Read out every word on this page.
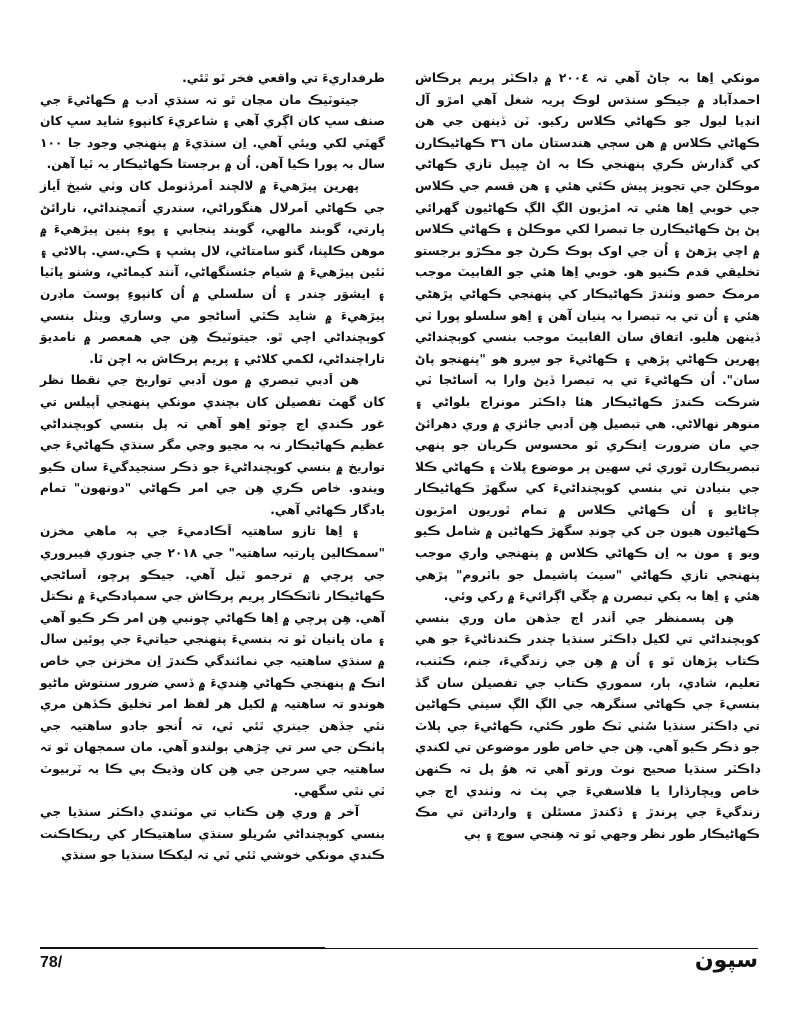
طرفداريءَ تي واقعي فخر ٿو ٿئي.

جيتوٽيڪ مان مڃان ٿو تہ سنڌي اَدب ۾ ڪهاڻيءَ جي صنف سڀ کان اڳري آهي ۽ شاعريءَ کانپوءِ شايد سڀ کان گهٽي لکي ويئي آهي. اِن سنڌيءَ ۾ پنهنجي وجود جا ١٠٠ سال بہ پورا ڪيا آهن. اُن ۾ برجستا ڪهاڻيڪار بہ ٿيا آهن.

پهرين پيڙهيءَ ۾ لالچند اَمرڏنومل کان وٺي شيخ اَياز جي ڪهاڻي اَمرلال هنگوراڻي، سندري اُتمچنداڻي، نارائڻ ڀارتي، گوبند مالهي، گوبند پنجابي ۽ پوءِ ٻنين پيڙهيءَ ۾ موهن ڪلپنا، گنو سامتاڻي، لال پشپ ۽ ڪي.سي. ٻالاڻي ۽ ٽئين پيڙهيءَ ۾ شيام جئسنگهاڻي، آنند کيماڻي، وشنو ڀاٽيا ۽ ايشوَر چندر ۽ اُن سلسلي ۾ اُن کانپوءِ پوسٽ ماڊرن پيڙهيءَ ۾ شايد ڪٿي اَساڻجو مي وساري ويٺل بنسي کوٻچنداڻي اچي ٿو. جيتوٽيڪ هِن جي همعصر ۾ نامديوَ تاراچنداڻي، لکمي کلاڻي ۽ پريم پرڪاش بہ اچن ٿا.

هن اَدبي تبصري ۾ مون اَدبي تواريخ جي نقطا نظر کان گهٽ تفصيلن کان بچندي مونکي پنهنجي اَپيلس تي غور ڪندي اڄ چوٽو اِهو آهي تہ پل بنسي کوٻچنداڻي عظيم ڪهاڻيڪار نہ بہ مڃيو وڃي مگر سنڌي ڪهاڻيءَ جي تواريخ ۾ بنسي کوٻچنداڻيءَ جو ذڪر سنجيدگيءَ سان ڪيو ويندو. خاص ڪري هِن جي امر ڪهاڻي "دونهون" تمام يادگار ڪهاڻي آهي.

۽ اِها تازو ساهتيہ اَڪادميءَ جي ٻہ ماهي مخزن "سمڪالين ڀارتيہ ساهتيہ" جي ٢٠١٨ جي جنوري فيبروري جي پرچي ۾ ترجمو ٿيل آهي. جيڪو پرچو، اَساڻجي ڪهاڻيڪار ناٽڪڪار پريم پرڪاش جي سمپادڪيءَ ۾ نڪتل آهي. هِن پرچي ۾ اِها ڪهاڻي چونبي هِن امر ڪر ڪيو آهي ۽ مان ڀانيان ٿو تہ بنسيءَ پنهنجي حياتيءَ جي پوئين سال ۾ سنڌي ساهتيہ جي نمائندگي ڪندڙ اِن مخزنن جي خاص انڪ ۾ پنهنجي ڪهاڻي هِنديءَ ۾ ڏسي ضرور سنتوش ماڻيو هوندو تہ ساهتيہ ۾ لکيل هر لفظ امر تخليق ڪڏهن مري نٿي جڏهن جينري ٿئي ٿي، تہ اُنجو جادو ساهتيہ جي پاٺڪن جي سر تي چڙهي ٻولندو آهي. مان سمجهان ٿو تہ ساهتيہ جي سرجن جي هِن کان وڌيڪ ٻي ڪا بہ ٽربيوٽ ٿي نٿي سگهي.

آخر ۾ وري هِن ڪتاب تي موٽندي ڊاڪٽر سنڌيا جي بنسي کوٻچنداڻي سُريلو سنڌي ساهتيڪار کي ريڪاڪنت ڪندي مونکي خوشي ٿئي ٿي تہ ليکڪا سنڌيا جو سنڌي

مونکي اِها بہ ڄاڻ آهي تہ ٢٠٠٤ ۾ ڊاڪٽر پريم پرڪاش احمدآباد ۾ جيڪو سنڌس لوڪ پريہ شغل آهي امڙو آل انڊيا ليول جو ڪهاڻي ڪلاس رکيو. ٽن ڏينهن جي هن ڪهاڻي ڪلاس ۾ هن سڄي هندستان مان ٣٦ ڪهاڻيڪارن کي گذارش ڪري پنهنجي ڪا بہ اڻ ڇپيل تازي ڪهاڻي موڪلڻ جي تجويز پيش ڪئي هئي ۽ هن قسم جي ڪلاس جي خوبي اِها هئي تہ امڙيون الڳ الڳ ڪهاڻيون گهرائي پڻ پڻ ڪهاڻيڪارن جا تبصرا لکي موڪلڻ ۽ ڪهاڻي ڪلاس ۾ اچي پڙهڻ ۽ اُن جي اوک ٻوڪ ڪرڻ جو مڪڙو برجستو تخليقي قدم ڪنيو هو. خوبي اِها هئي جو الفابيٽ موجب مرمڪ حصو وٺندڙ ڪهاڻيڪار کي پنهنجي ڪهاڻي پڙهڻي هئي ۽ اُن تي بہ تبصرا بہ پنيان آهن ۽ اِهو سلسلو پورا ٽي ڏينهن هليو. اتفاق سان الفابيٽ موجب بنسي کوٻچنداڻي پهرين ڪهاڻي پڙهي ۽ ڪهاڻيءَ جو سِرو هو "پنهنجو پاڻ سان". اُن ڪهاڻيءَ تي بہ تبصرا ڏيڻ وارا بہ اَساڻجا ٽي شرڪت ڪندڙ ڪهاڻيڪار هئا ڊاڪٽر مونراج بلواڻي ۽ منوهر نهالاڻي. هي تبصيل هِن اَدبي جائزي ۾ وري دهرائڻ جي مان ضرورت اِنڪري ٿو محسوس ڪريان جو پنهي تبصريڪارن ٿوري ئي سهين پر موضوع پلاٽ ۽ ڪهاڻي ڪلا جي بنيادن تي بنسي کوٻچنداڻيءَ کي سگهڙ ڪهاڻيڪار ڄاڻايو ۽ اُن ڪهاڻي ڪلاس ۾ تمام ٿوريون امڙيون ڪهاڻيون هيون جن کي چونڊ سگهڙ ڪهاڻين ۾ شامل ڪيو ويو ۽ مون بہ اِن ڪهاڻي ڪلاس ۾ پنهنجي واري موجب پنهنجي تازي ڪهاڻي "سيٽ پاشيمل جو باٿروم" پڙهي هئي ۽ اِها بہ يکي تبصرن ۾ چڱي اڳرائيءَ ۾ رکي وئي.

هِن پسمنظر جي اَندر اڄ جڏهن مان وري بنسي کوٻچنداڻي تي لکيل ڊاڪٽر سنڌيا چندر ڪندناڻيءَ جو هي ڪتاب پڙهان ٿو ۽ اُن ۾ هِن جي زندگيءَ، جنم، ڪٽنب، تعليم، شادي، ٻار، سموري ڪتاب جي تفصيلن سان گڏ بنسيءَ جي ڪهاڻي سنگرهہ جي الڳ الڳ سيني ڪهاڻين تي ڊاڪٽر سنڌيا سُٺي ٽڪ طور ڪئي، ڪهاڻيءَ جي پلاٽ جو ذڪر ڪيو آهي. هِن جي خاص طور موضوعن تي لکندي ڊاڪٽر سنڌيا صحيح نوٽ ورتو آهي تہ هوُ پل تہ ڪنهن خاص ويچارڌارا يا فلاسفيءَ جي پٺ نہ وٺندي اڄ جي زندگيءَ جي پرندڙ ۽ ڏکندڙ مسئلن ۽ وارداتن تي مڪ ڪهاڻيڪار طور نظر وجهي ٿو تہ هِنجي سوچ ۽ ٻي

78/	سپون
